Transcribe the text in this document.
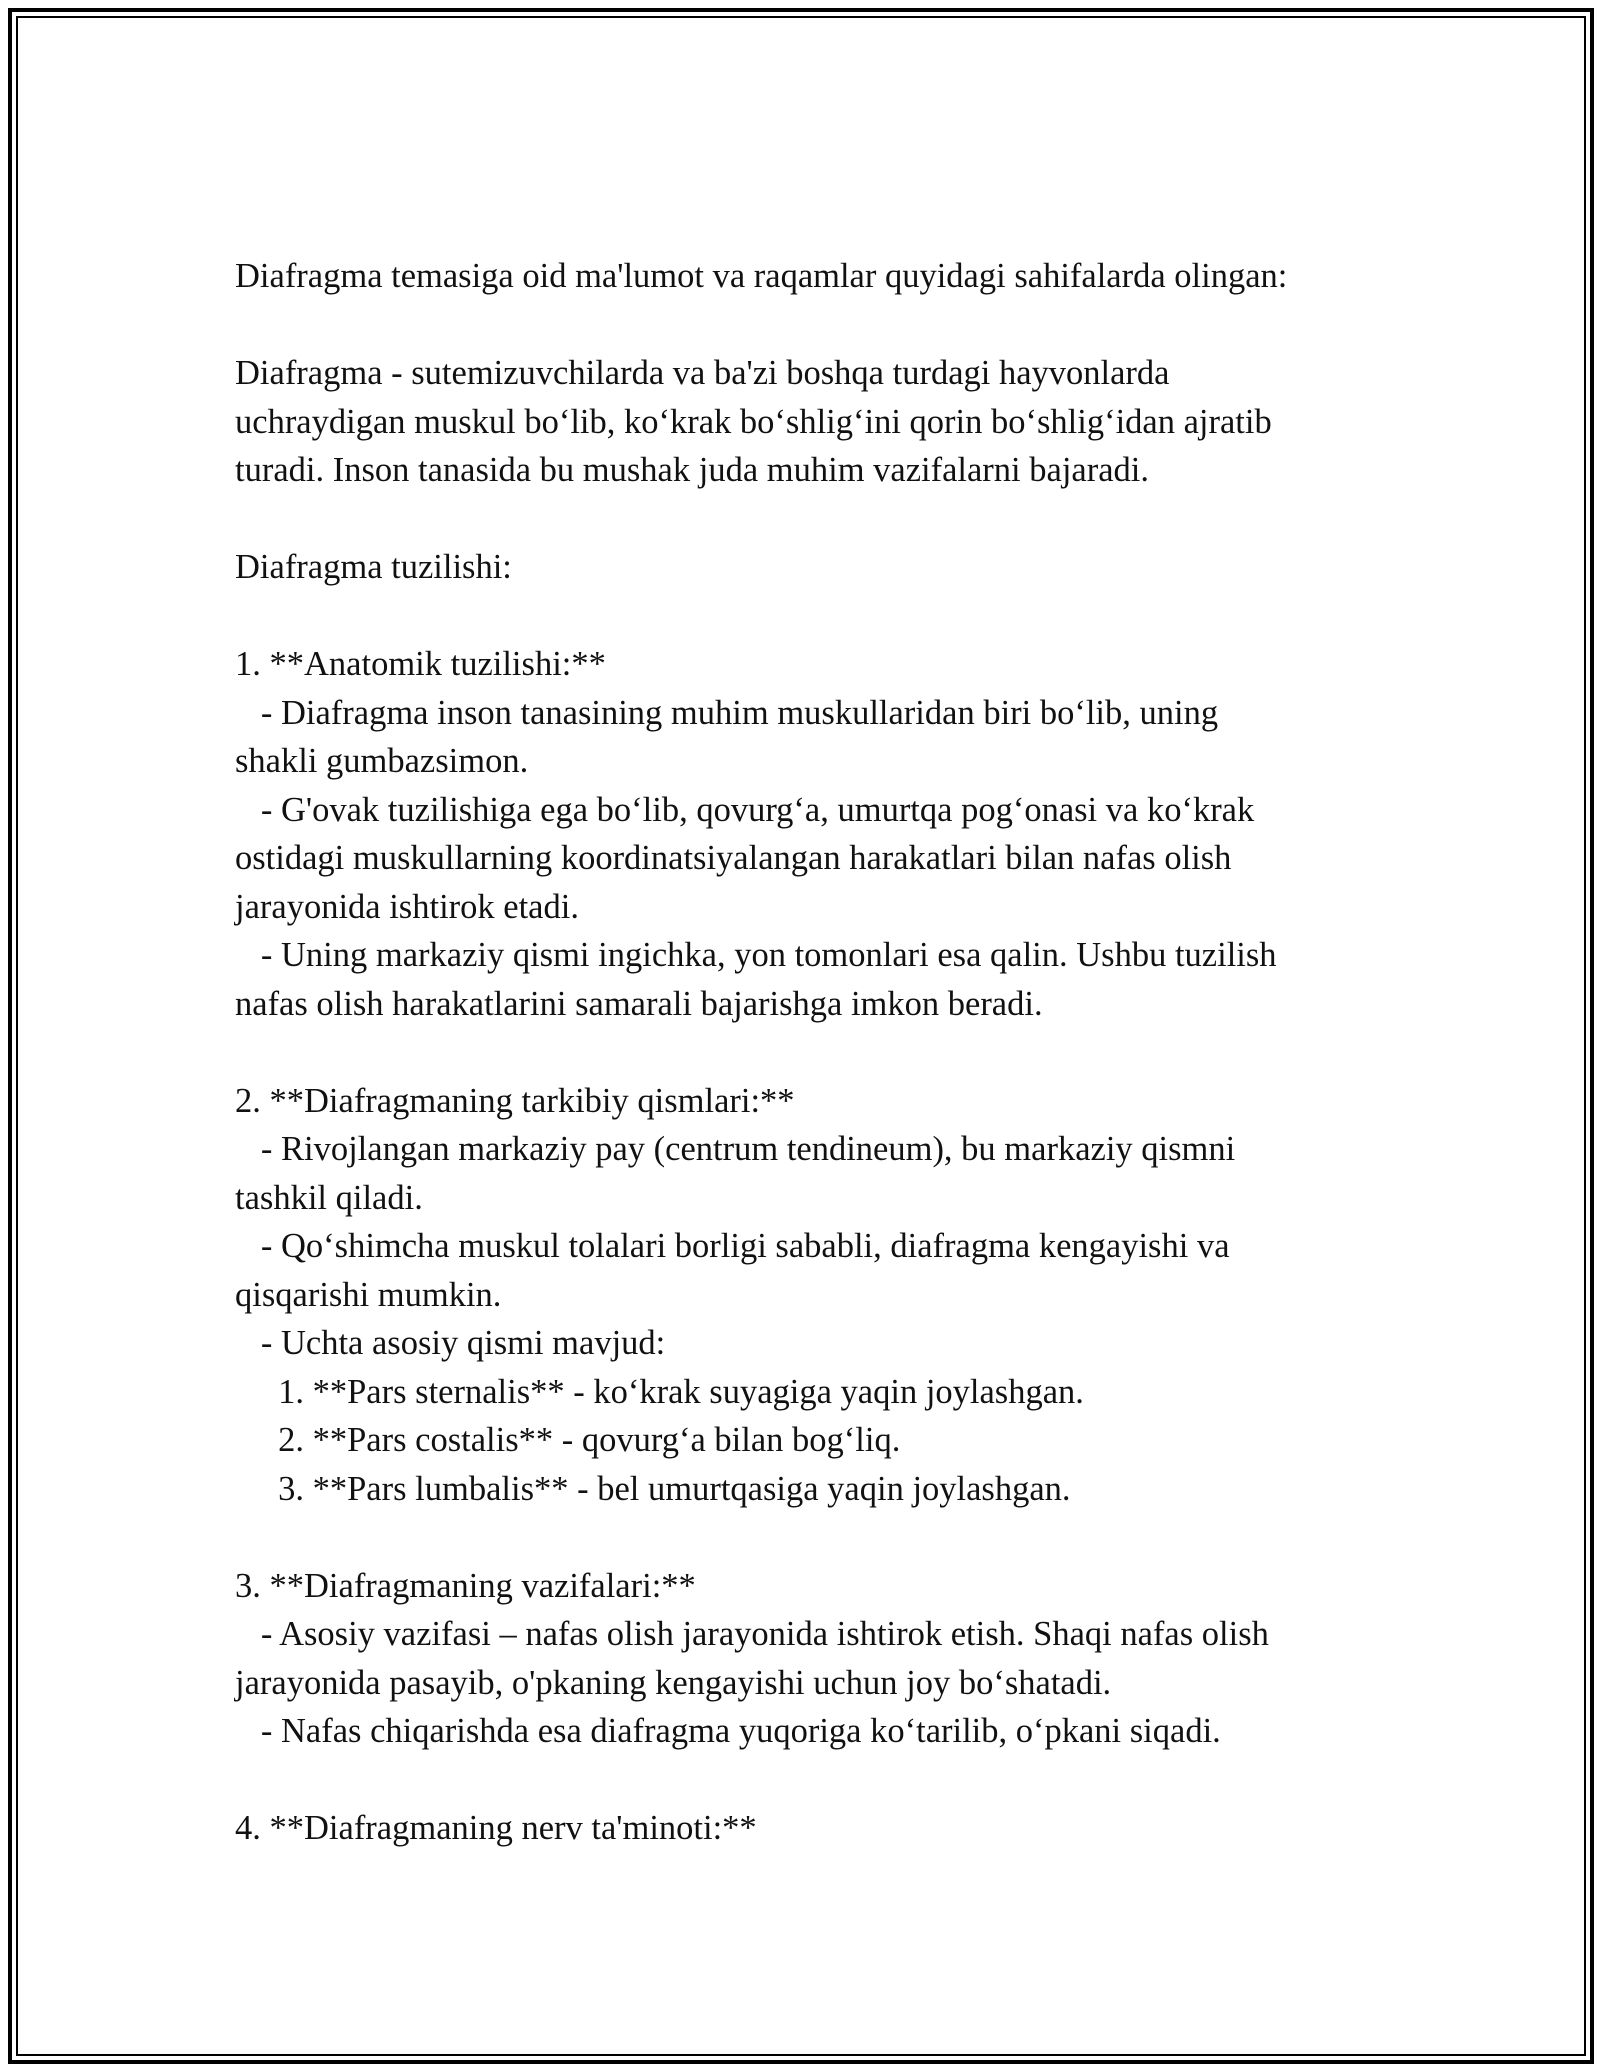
Diafragma temasiga oid ma'lumot va raqamlar quyidagi sahifalarda olingan:

Diafragma - sutemizuvchilarda va ba'zi boshqa turdagi hayvonlarda

uchraydigan muskul bo‘lib, ko‘krak bo‘shlig‘ini qorin bo‘shlig‘idan ajratib

turadi. Inson tanasida bu mushak juda muhim vazifalarni bajaradi.

Diafragma tuzilishi:

1. **Anatomik tuzilishi:**

- Diafragma inson tanasining muhim muskullaridan biri bo‘lib, uning

shakli gumbazsimon.

- G'ovak tuzilishiga ega bo‘lib, qovurg‘a, umurtqa pog‘onasi va ko‘krak

ostidagi muskullarning koordinatsiyalangan harakatlari bilan nafas olish

jarayonida ishtirok etadi.

- Uning markaziy qismi ingichka, yon tomonlari esa qalin. Ushbu tuzilish

nafas olish harakatlarini samarali bajarishga imkon beradi.

2. **Diafragmaning tarkibiy qismlari:**

- Rivojlangan markaziy pay (centrum tendineum), bu markaziy qismni

tashkil qiladi.

- Qo‘shimcha muskul tolalari borligi sababli, diafragma kengayishi va

qisqarishi mumkin.

- Uchta asosiy qismi mavjud:

1. **Pars sternalis** - ko‘krak suyagiga yaqin joylashgan.

2. **Pars costalis** - qovurg‘a bilan bog‘liq.

3. **Pars lumbalis** - bel umurtqasiga yaqin joylashgan.

3. **Diafragmaning vazifalari:**

- Asosiy vazifasi – nafas olish jarayonida ishtirok etish. Shaqi nafas olish

jarayonida pasayib, o'pkaning kengayishi uchun joy bo‘shatadi.

- Nafas chiqarishda esa diafragma yuqoriga ko‘tarilib, o‘pkani siqadi.

4. **Diafragmaning nerv ta'minoti:**
